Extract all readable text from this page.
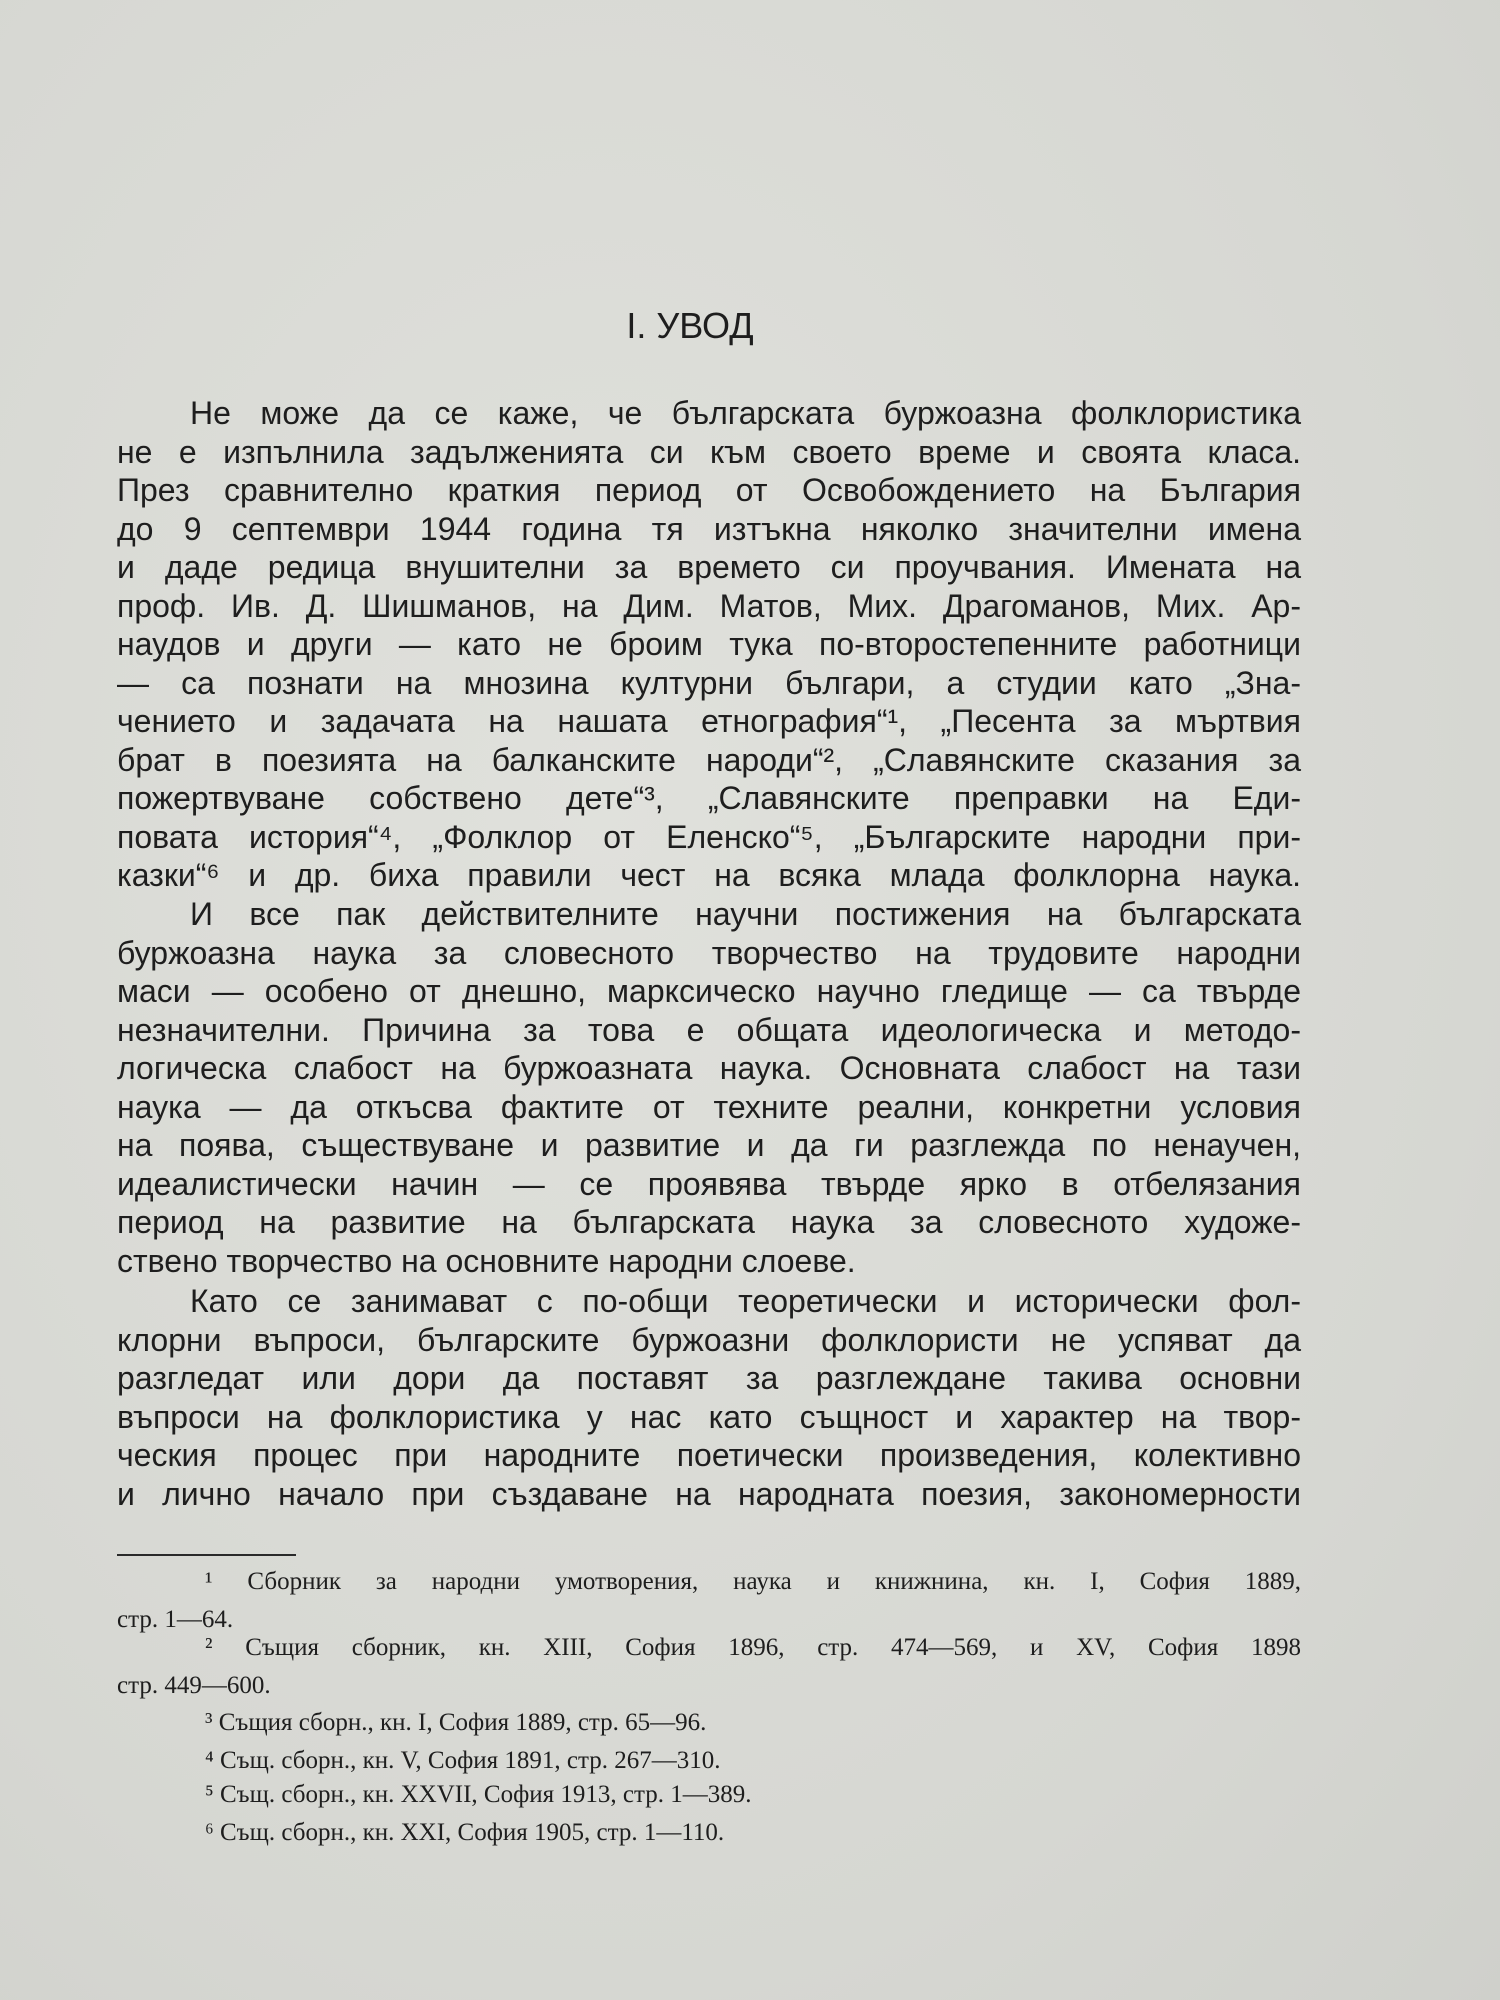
I. УВОД
Не може да се каже, че българската буржоазна фолклористика
не е изпълнила задълженията си към своето време и своята класа.
През сравнително краткия период от Освобождението на България
до 9 септември 1944 година тя изтъкна няколко значителни имена
и даде редица внушителни за времето си проучвания. Имената на
проф. Ив. Д. Шишманов, на Дим. Матов, Мих. Драгоманов, Мих. Ар-
наудов и други — като не броим тука по-второстепенните работници
— са познати на мнозина културни българи, а студии като „Зна-
чението и задачата на нашата етнография“¹, „Песента за мъртвия
брат в поезията на балканските народи“², „Славянските сказания за
пожертвуване собствено дете“³, „Славянските преправки на Еди-
повата история“⁴, „Фолклор от Еленско“⁵, „Българските народни при-
казки“⁶ и др. биха правили чест на всяка млада фолклорна наука.
И все пак действителните научни постижения на българската
буржоазна наука за словесното творчество на трудовите народни
маси — особено от днешно, марксическо научно гледище — са твърде
незначителни. Причина за това е общата идеологическа и методо-
логическа слабост на буржоазната наука. Основната слабост на тази
наука — да откъсва фактите от техните реални, конкретни условия
на поява, съществуване и развитие и да ги разглежда по ненаучен,
идеалистически начин — се проявява твърде ярко в отбелязания
период на развитие на българската наука за словесното художе-
ствено творчество на основните народни слоеве.
Като се занимават с по-общи теоретически и исторически фол-
клорни въпроси, българските буржоазни фолклористи не успяват да
разгледат или дори да поставят за разглеждане такива основни
въпроси на фолклористика у нас като същност и характер на твор-
ческия процес при народните поетически произведения, колективно
и лично начало при създаване на народната поезия, закономерности
¹ Сборник за народни умотворения, наука и книжнина, кн. I, София 1889,
стр. 1—64.
² Същия сборник, кн. XIII, София 1896, стр. 474—569, и XV, София 1898
стр. 449—600.
³ Същия сборн., кн. I, София 1889, стр. 65—96.
⁴ Същ. сборн., кн. V, София 1891, стр. 267—310.
⁵ Същ. сборн., кн. XXVII, София 1913, стр. 1—389.
⁶ Същ. сборн., кн. XXI, София 1905, стр. 1—110.
